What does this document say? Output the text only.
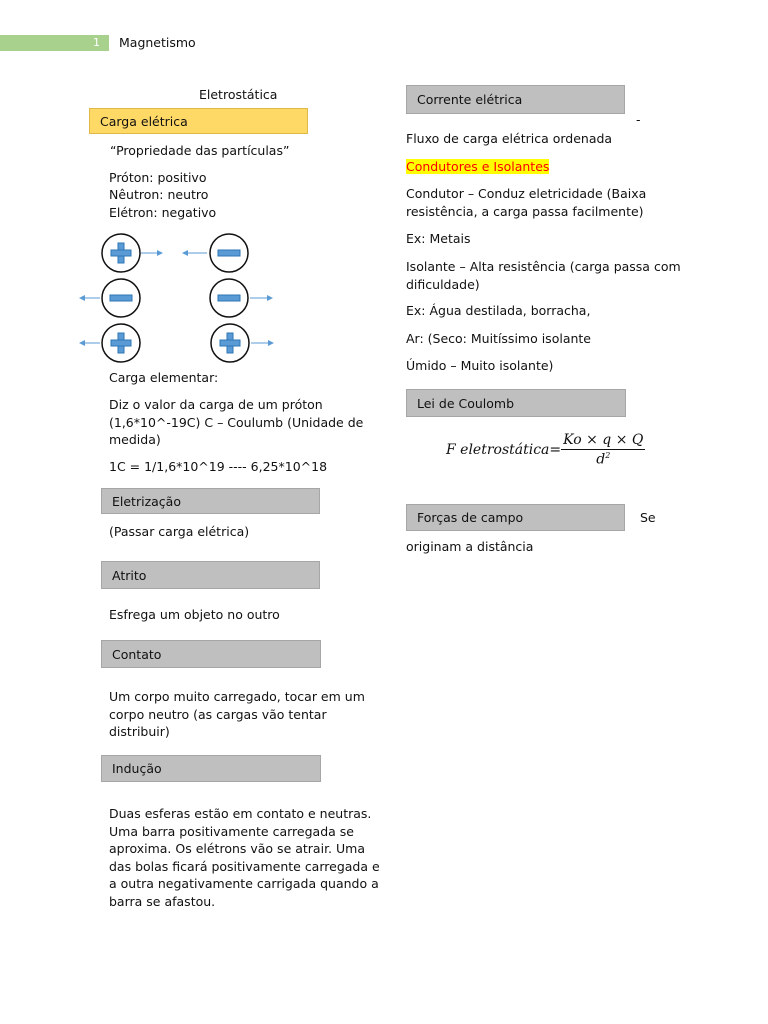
1 Magnetismo
Eletrostática
Carga elétrica
“Propriedade das partículas”
Próton: positivo
Nêutron: neutro
Elétron: negativo
Carga elementar:
Diz o valor da carga de um próton
(1,6*10^-19C) C – Coulumb (Unidade de
medida)
1C = 1/1,6*10^19 ---- 6,25*10^18
Eletrização
(Passar carga elétrica)
Atrito
Esfrega um objeto no outro
Contato
Um corpo muito carregado, tocar em um
corpo neutro (as cargas vão tentar
distribuir)
Indução
Duas esferas estão em contato e neutras.
Uma barra positivamente carregada se
aproxima. Os elétrons vão se atrair. Uma
das bolas ficará positivamente carregada e
a outra negativamente carrigada quando a
barra se afastou.
Corrente elétrica
-
Fluxo de carga elétrica ordenada
Condutores e Isolantes
Condutor – Conduz eletricidade (Baixa
resistência, a carga passa facilmente)
Ex: Metais
Isolante – Alta resistência (carga passa com
dificuldade)
Ex: Água destilada, borracha,
Ar: (Seco: Muitíssimo isolante
Úmido – Muito isolante)
Lei de Coulomb
F eletrostática= $\frac{Ko \times q \times Q}{d^2}$
Forças de campo	Se
originam a distância
